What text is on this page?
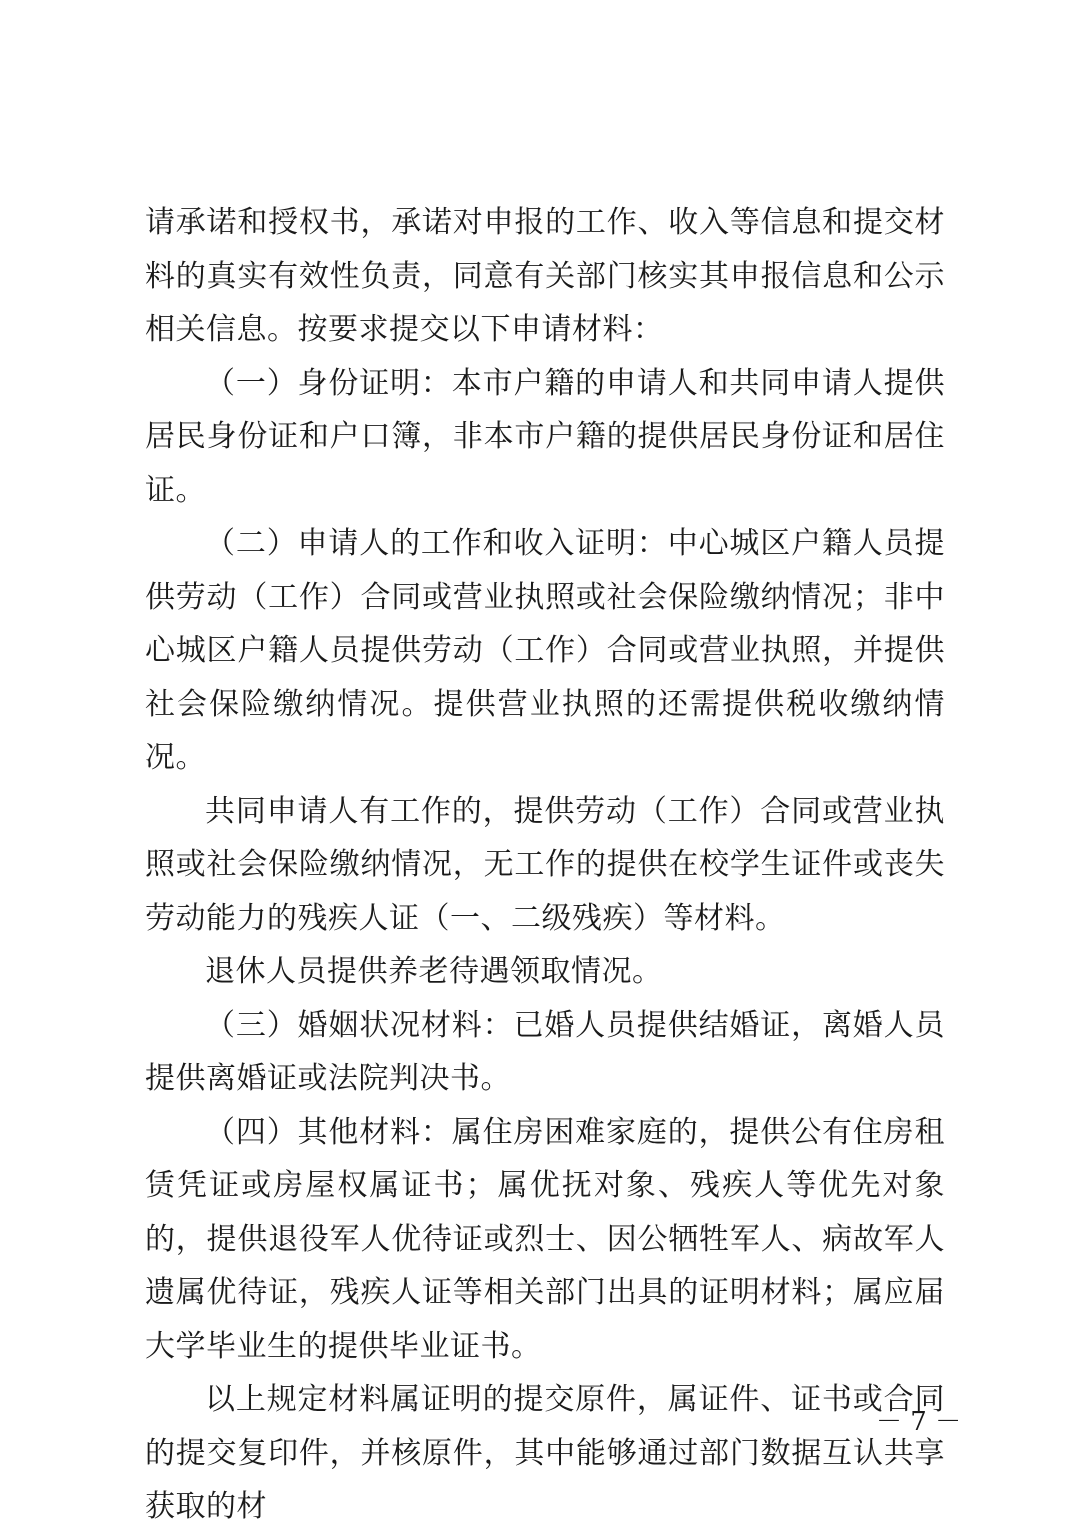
请承诺和授权书，承诺对申报的工作、收入等信息和提交材料的真实有效性负责，同意有关部门核实其申报信息和公示相关信息。按要求提交以下申请材料：

（一）身份证明：本市户籍的申请人和共同申请人提供居民身份证和户口簿，非本市户籍的提供居民身份证和居住证。

（二）申请人的工作和收入证明：中心城区户籍人员提供劳动（工作）合同或营业执照或社会保险缴纳情况；非中心城区户籍人员提供劳动（工作）合同或营业执照，并提供社会保险缴纳情况。提供营业执照的还需提供税收缴纳情况。

共同申请人有工作的，提供劳动（工作）合同或营业执照或社会保险缴纳情况，无工作的提供在校学生证件或丧失劳动能力的残疾人证（一、二级残疾）等材料。

退休人员提供养老待遇领取情况。

（三）婚姻状况材料：已婚人员提供结婚证，离婚人员提供离婚证或法院判决书。

（四）其他材料：属住房困难家庭的，提供公有住房租赁凭证或房屋权属证书；属优抚对象、残疾人等优先对象的，提供退役军人优待证或烈士、因公牺牲军人、病故军人遗属优待证，残疾人证等相关部门出具的证明材料；属应届大学毕业生的提供毕业证书。

以上规定材料属证明的提交原件，属证件、证书或合同的提交复印件，并核原件，其中能够通过部门数据互认共享获取的材

－ 7 －
